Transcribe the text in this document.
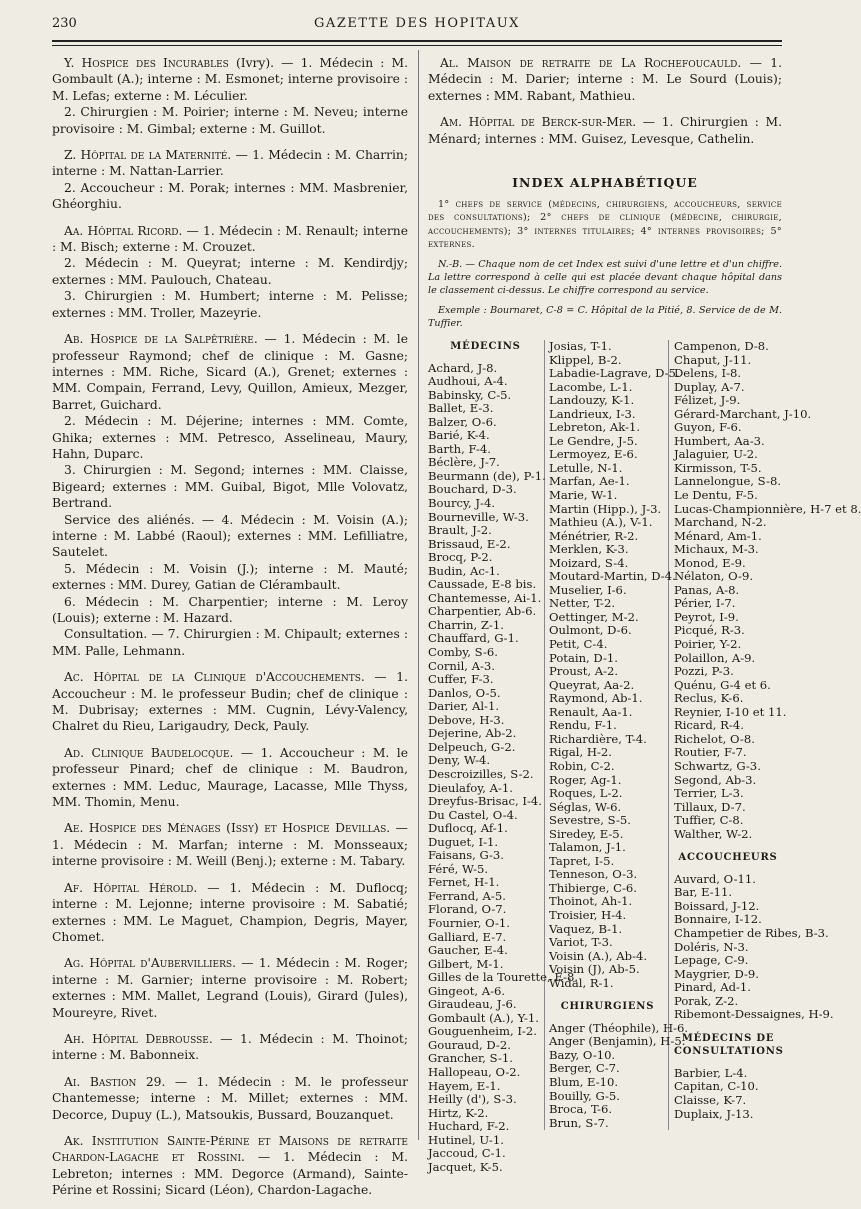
230	GAZETTE DES HOPITAUX

Y. Hospice des Incurables (Ivry). — 1. Médecin : M. Gombault (A.); interne : M. Esmonet; interne provisoire : M. Lefas; externe : M. Léculier.

2. Chirurgien : M. Poirier; interne : M. Neveu; interne provisoire : M. Gimbal; externe : M. Guillot.

Z. Hôpital de la Maternité. — 1. Médecin : M. Charrin; interne : M. Nattan-Larrier.

2. Accoucheur : M. Porak; internes : MM. Masbrenier, Ghéorghiu.

Aa. Hôpital Ricord. — 1. Médecin : M. Renault; interne : M. Bisch; externe : M. Crouzet.

2. Médecin : M. Queyrat; interne : M. Kendirdjy; externes : MM. Paulouch, Chateau.

3. Chirurgien : M. Humbert; interne : M. Pelisse; externes : MM. Troller, Mazeyrie.

Ab. Hospice de la Salpêtrière. — 1. Médecin : M. le professeur Raymond; chef de clinique : M. Gasne; internes : MM. Riche, Sicard (A.), Grenet; externes : MM. Compain, Ferrand, Levy, Quillon, Amieux, Mezger, Barret, Guichard.

2. Médecin : M. Déjerine; internes : MM. Comte, Ghika; externes : MM. Petresco, Asselineau, Maury, Hahn, Duparc.

3. Chirurgien : M. Segond; internes : MM. Claisse, Bigeard; externes : MM. Guibal, Bigot, Mlle Volovatz, Bertrand.

Service des aliénés. — 4. Médecin : M. Voisin (A.); interne : M. Labbé (Raoul); externes : MM. Lefilliatre, Sautelet.

5. Médecin : M. Voisin (J.); interne : M. Mauté; externes : MM. Durey, Gatian de Clérambault.

6. Médecin : M. Charpentier; interne : M. Leroy (Louis); externe : M. Hazard.

Consultation. — 7. Chirurgien : M. Chipault; externes : MM. Palle, Lehmann.

Ac. Hôpital de la Clinique d'Accouchements. — 1. Accoucheur : M. le professeur Budin; chef de clinique : M. Dubrisay; externes : MM. Cugnin, Lévy-Valency, Chalret du Rieu, Larigaudry, Deck, Pauly.

Ad. Clinique Baudelocque. — 1. Accoucheur : M. le professeur Pinard; chef de clinique : M. Baudron, externes : MM. Leduc, Maurage, Lacasse, Mlle Thyss, MM. Thomin, Menu.

Ae. Hospice des Ménages (Issy) et Hospice Devillas. — 1. Médecin : M. Marfan; interne : M. Monsseaux; interne provisoire : M. Weill (Benj.); externe : M. Tabary.

Af. Hôpital Hérold. — 1. Médecin : M. Duflocq; interne : M. Lejonne; interne provisoire : M. Sabatié; externes : MM. Le Maguet, Champion, Degris, Mayer, Chomet.

Ag. Hôpital d'Aubervilliers. — 1. Médecin : M. Roger; interne : M. Garnier; interne provisoire : M. Robert; externes : MM. Mallet, Legrand (Louis), Girard (Jules), Moureyre, Rivet.

Ah. Hôpital Debrousse. — 1. Médecin : M. Thoinot; interne : M. Babonneix.

Ai. Bastion 29. — 1. Médecin : M. le professeur Chantemesse; interne : M. Millet; externes : MM. Decorce, Dupuy (L.), Matsoukis, Bussard, Bouzanquet.

Ak. Institution Sainte-Périne et Maisons de retraite Chardon-Lagache et Rossini. — 1. Médecin : M. Lebreton; internes : MM. Degorce (Armand), Sainte-Périne et Rossini; Sicard (Léon), Chardon-Lagache.

Al. Maison de retraite de La Rochefoucauld. — 1. Médecin : M. Darier; interne : M. Le Sourd (Louis); externes : MM. Rabant, Mathieu.

Am. Hôpital de Berck-sur-Mer. — 1. Chirurgien : M. Ménard; internes : MM. Guisez, Levesque, Cathelin.

INDEX ALPHABÉTIQUE

1° chefs de service (médecins, chirurgiens, accoucheurs, service des consultations); 2° chefs de clinique (médecine, chirurgie, accouchements); 3° internes titulaires; 4° internes provisoires; 5° externes.

N.-B. — Chaque nom de cet Index est suivi d'une lettre et d'un chiffre. La lettre correspond à celle qui est placée devant chaque hôpital dans le classement ci-dessus. Le chiffre correspond au service.

Exemple : Bournaret, C-8 = C. Hôpital de la Pitié, 8. Service de de M. Tuffier.

MÉDECINS
Achard, J-8.
Audhoui, A-4.
Babinsky, C-5.
Ballet, E-3.
Balzer, O-6.
Barié, K-4.
Barth, F-4.
Béclère, J-7.
Beurmann (de), P-1.
Bouchard, D-3.
Bourcy, J-4.
Bourneville, W-3.
Brault, J-2.
Brissaud, E-2.
Brocq, P-2.
Budin, Ac-1.
Caussade, E-8 bis.
Chantemesse, Ai-1.
Charpentier, Ab-6.
Charrin, Z-1.
Chauffard, G-1.
Comby, S-6.
Cornil, A-3.
Cuffer, F-3.
Danlos, O-5.
Darier, Al-1.
Debove, H-3.
Dejerine, Ab-2.
Delpeuch, G-2.
Deny, W-4.
Descroizilles, S-2.
Dieulafoy, A-1.
Dreyfus-Brisac, I-4.
Du Castel, O-4.
Duflocq, Af-1.
Duguet, I-1.
Faisans, G-3.
Féré, W-5.
Fernet, H-1.
Ferrand, A-5.
Florand, O-7.
Fournier, O-1.
Galliard, E-7.
Gaucher, E-4.
Gilbert, M-1.
Gilles de la Tourette, E-8.
Gingeot, A-6.
Giraudeau, J-6.
Gombault (A.), Y-1.
Gouguenheim, I-2.
Gouraud, D-2.
Grancher, S-1.
Hallopeau, O-2.
Hayem, E-1.
Heilly (d'), S-3.
Hirtz, K-2.
Huchard, F-2.
Hutinel, U-1.
Jaccoud, C-1.
Jacquet, K-5.
Josias, T-1.
Klippel, B-2.
Labadie-Lagrave, D-5.
Lacombe, L-1.
Landouzy, K-1.
Landrieux, I-3.
Lebreton, Ak-1.
Le Gendre, J-5.
Lermoyez, E-6.
Letulle, N-1.
Marfan, Ae-1.
Marie, W-1.
Martin (Hipp.), J-3.
Mathieu (A.), V-1.
Ménétrier, R-2.
Merklen, K-3.
Moizard, S-4.
Moutard-Martin, D-4.
Muselier, I-6.
Netter, T-2.
Oettinger, M-2.
Oulmont, D-6.
Petit, C-4.
Potain, D-1.
Proust, A-2.
Queyrat, Aa-2.
Raymond, Ab-1.
Renault, Aa-1.
Rendu, F-1.
Richardière, T-4.
Rigal, H-2.
Robin, C-2.
Roger, Ag-1.
Roques, L-2.
Séglas, W-6.
Sevestre, S-5.
Siredey, E-5.
Talamon, J-1.
Tapret, I-5.
Tenneson, O-3.
Thibierge, C-6.
Thoinot, Ah-1.
Troisier, H-4.
Vaquez, B-1.
Variot, T-3.
Voisin (A.), Ab-4.
Voisin (J), Ab-5.
Widal, R-1.
CHIRURGIENS
Anger (Théophile), H-6.
Anger (Benjamin), H-5.
Bazy, O-10.
Berger, C-7.
Blum, E-10.
Bouilly, G-5.
Broca, T-6.
Brun, S-7.
Campenon, D-8.
Chaput, J-11.
Delens, I-8.
Duplay, A-7.
Félizet, J-9.
Gérard-Marchant, J-10.
Guyon, F-6.
Humbert, Aa-3.
Jalaguier, U-2.
Kirmisson, T-5.
Lannelongue, S-8.
Le Dentu, F-5.
Lucas-Championnière, H-7 et 8.
Marchand, N-2.
Ménard, Am-1.
Michaux, M-3.
Monod, E-9.
Nélaton, O-9.
Panas, A-8.
Périer, I-7.
Peyrot, I-9.
Picqué, R-3.
Poirier, Y-2.
Polaillon, A-9.
Pozzi, P-3.
Quénu, G-4 et 6.
Reclus, K-6.
Reynier, I-10 et 11.
Ricard, R-4.
Richelot, O-8.
Routier, F-7.
Schwartz, G-3.
Segond, Ab-3.
Terrier, L-3.
Tillaux, D-7.
Tuffier, C-8.
Walther, W-2.
ACCOUCHEURS
Auvard, O-11.
Bar, E-11.
Boissard, J-12.
Bonnaire, I-12.
Champetier de Ribes, B-3.
Doléris, N-3.
Lepage, C-9.
Maygrier, D-9.
Pinard, Ad-1.
Porak, Z-2.
Ribemont-Dessaignes, H-9.
MÉDECINS DE CONSULTATIONS
Barbier, L-4.
Capitan, C-10.
Claisse, K-7.
Duplaix, J-13.
